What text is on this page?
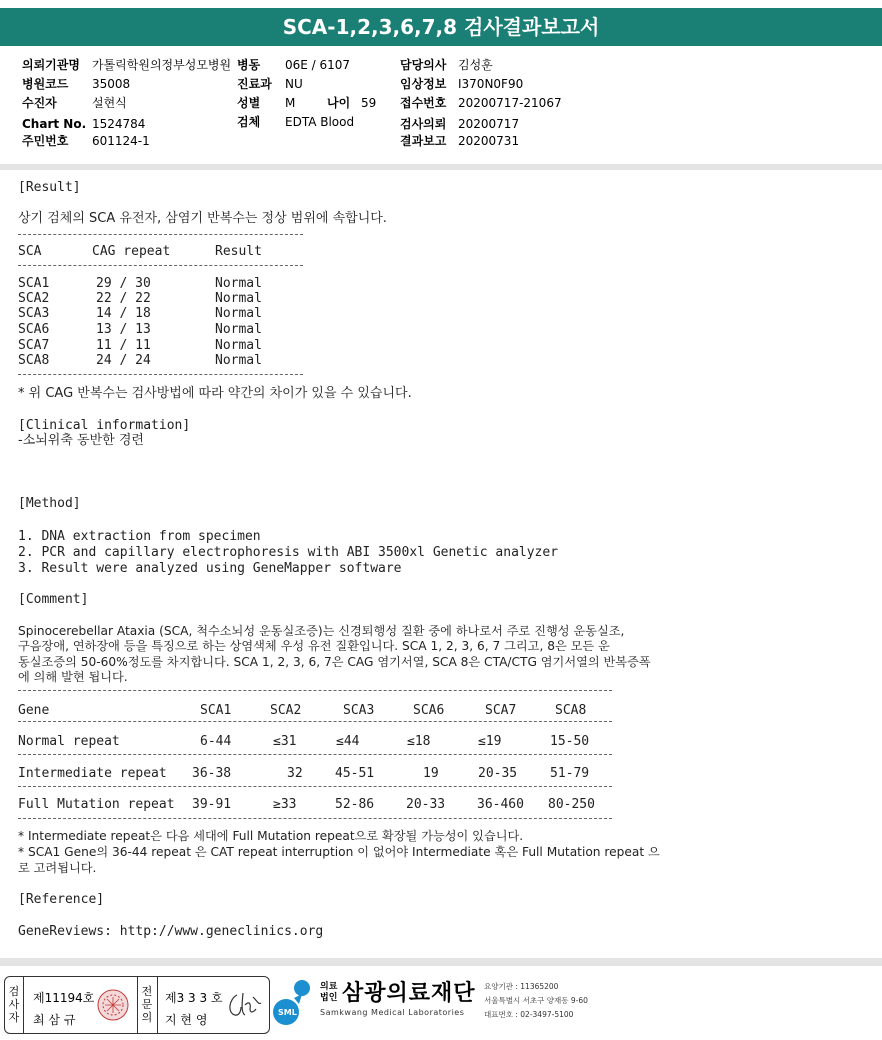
SCA-1,2,3,6,7,8 검사결과보고서
의뢰기관명 가톨릭학원의정부성모병원
병원코드 35008
수진자	설현식
Chart No. 1524784
주민번호 601124-1
병동 06E / 6107
진료과 NU
성별 M	나이 59
검체 EDTA Blood
담당의사 김성훈
임상정보 I370N0F90
접수번호 20200717-21067
검사의뢰 20200717
결과보고 20200731
[Result]
상기 검체의 SCA 유전자, 삼염기 반복수는 정상 범위에 속합니다.
SCA	CAG repeat	Result
SCA1	29 / 30	Normal
SCA2	22 / 22	Normal
SCA3	14 / 18	Normal
SCA6	13 / 13	Normal
SCA7	11 / 11	Normal
SCA8	24 / 24	Normal
* 위 CAG 반복수는 검사방법에 따라 약간의 차이가 있을 수 있습니다.
[Clinical information]
-소뇌위축 동반한 경련
[Method]
1. DNA extraction from specimen
2. PCR and capillary electrophoresis with ABI 3500xl Genetic analyzer
3. Result were analyzed using GeneMapper software
[Comment]
Spinocerebellar Ataxia (SCA, 척수소뇌성 운동실조증)는 신경퇴행성 질환 중에 하나로서 주로 진행성 운동실조,
구음장애, 연하장애 등을 특징으로 하는 상염색체 우성 유전 질환입니다. SCA 1, 2, 3, 6, 7 그리고, 8은 모든 운
동실조증의 50-60%정도를 차지합니다. SCA 1, 2, 3, 6, 7은 CAG 염기서열, SCA 8은 CTA/CTG 염기서열의 반복증폭
에 의해 발현 됩니다.
Gene	SCA1	SCA2	SCA3	SCA6	SCA7	SCA8
Normal repeat	6-44	≤31	≤44	≤18	≤19	15-50
Intermediate repeat 36-38	32 45-51	19	20-35	51-79
Full Mutation repeat 39-91	≥33	52-86 20-33 36-460 80-250
* Intermediate repeat은 다음 세대에 Full Mutation repeat으로 확장될 가능성이 있습니다.
* SCA1 Gene의 36-44 repeat 은 CAT repeat interruption 이 없어야 Intermediate 혹은 Full Mutation repeat 으
로 고려됩니다.
[Reference]
GeneReviews: http://www.geneclinics.org
검
사
자
제11194호
최 삼 규
전
문
의
제3 3 3 호
지 현 영
SML
의료
법인 삼광의료재단
Samkwang Medical Laboratories
요양기관 : 11365200
서울특별시 서초구 양재동 9-60
대표번호 : 02-3497-5100
